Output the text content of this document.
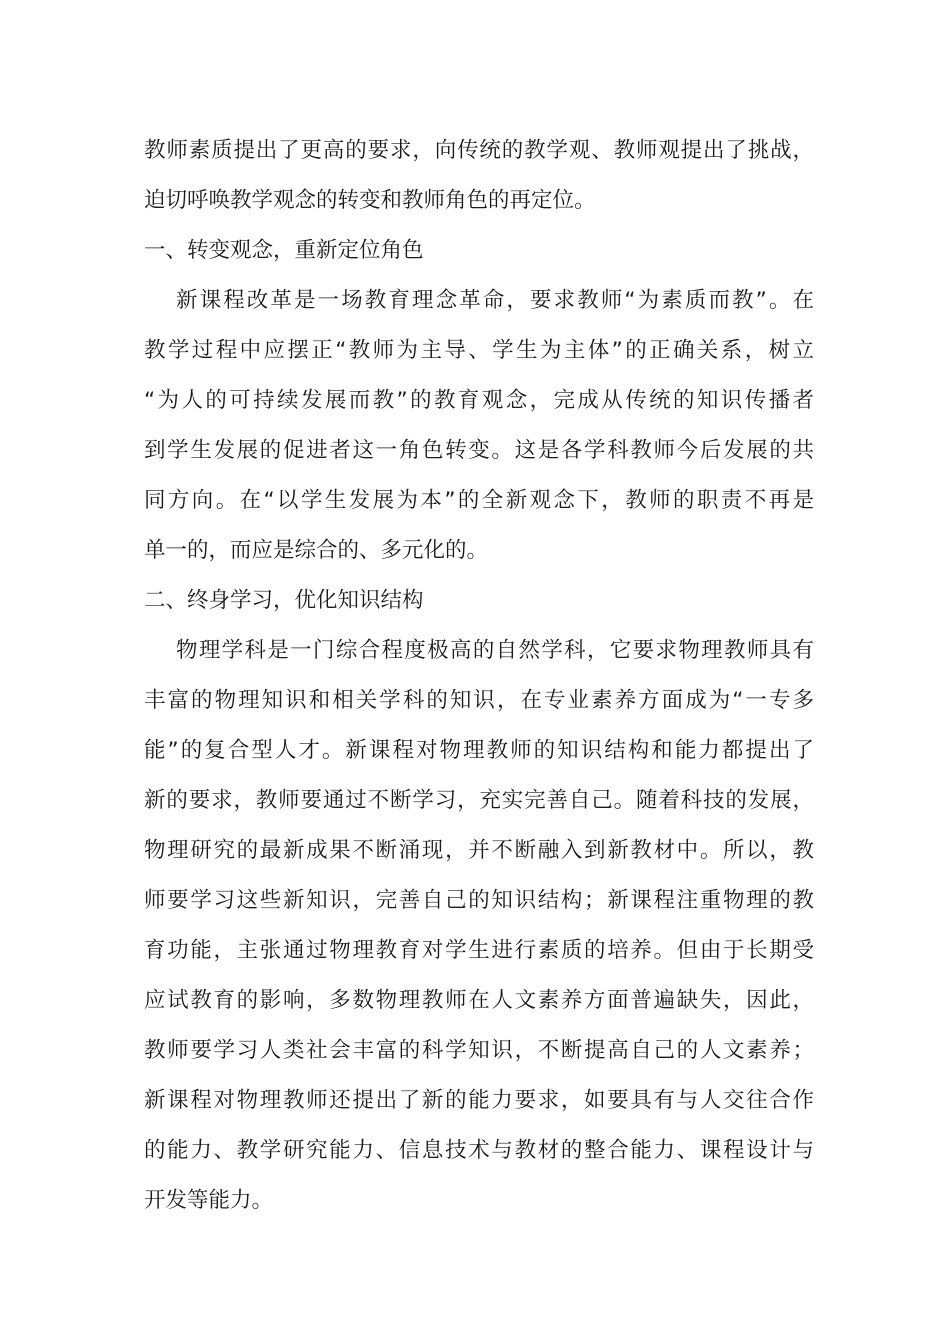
教师素质提出了更高的要求，向传统的教学观、教师观提出了挑战，
迫切呼唤教学观念的转变和教师角色的再定位。
一、转变观念，重新定位角色
新课程改革是一场教育理念革命，要求教师“为素质而教”。在
教学过程中应摆正“教师为主导、学生为主体”的正确关系，树立
“为人的可持续发展而教”的教育观念，完成从传统的知识传播者
到学生发展的促进者这一角色转变。这是各学科教师今后发展的共
同方向。在“以学生发展为本”的全新观念下，教师的职责不再是
单一的，而应是综合的、多元化的。
二、终身学习，优化知识结构
物理学科是一门综合程度极高的自然学科，它要求物理教师具有
丰富的物理知识和相关学科的知识，在专业素养方面成为“一专多
能”的复合型人才。新课程对物理教师的知识结构和能力都提出了
新的要求，教师要通过不断学习，充实完善自己。随着科技的发展，
物理研究的最新成果不断涌现，并不断融入到新教材中。所以，教
师要学习这些新知识，完善自己的知识结构；新课程注重物理的教
育功能，主张通过物理教育对学生进行素质的培养。但由于长期受
应试教育的影响，多数物理教师在人文素养方面普遍缺失，因此，
教师要学习人类社会丰富的科学知识，不断提高自己的人文素养；
新课程对物理教师还提出了新的能力要求，如要具有与人交往合作
的能力、教学研究能力、信息技术与教材的整合能力、课程设计与
开发等能力。
